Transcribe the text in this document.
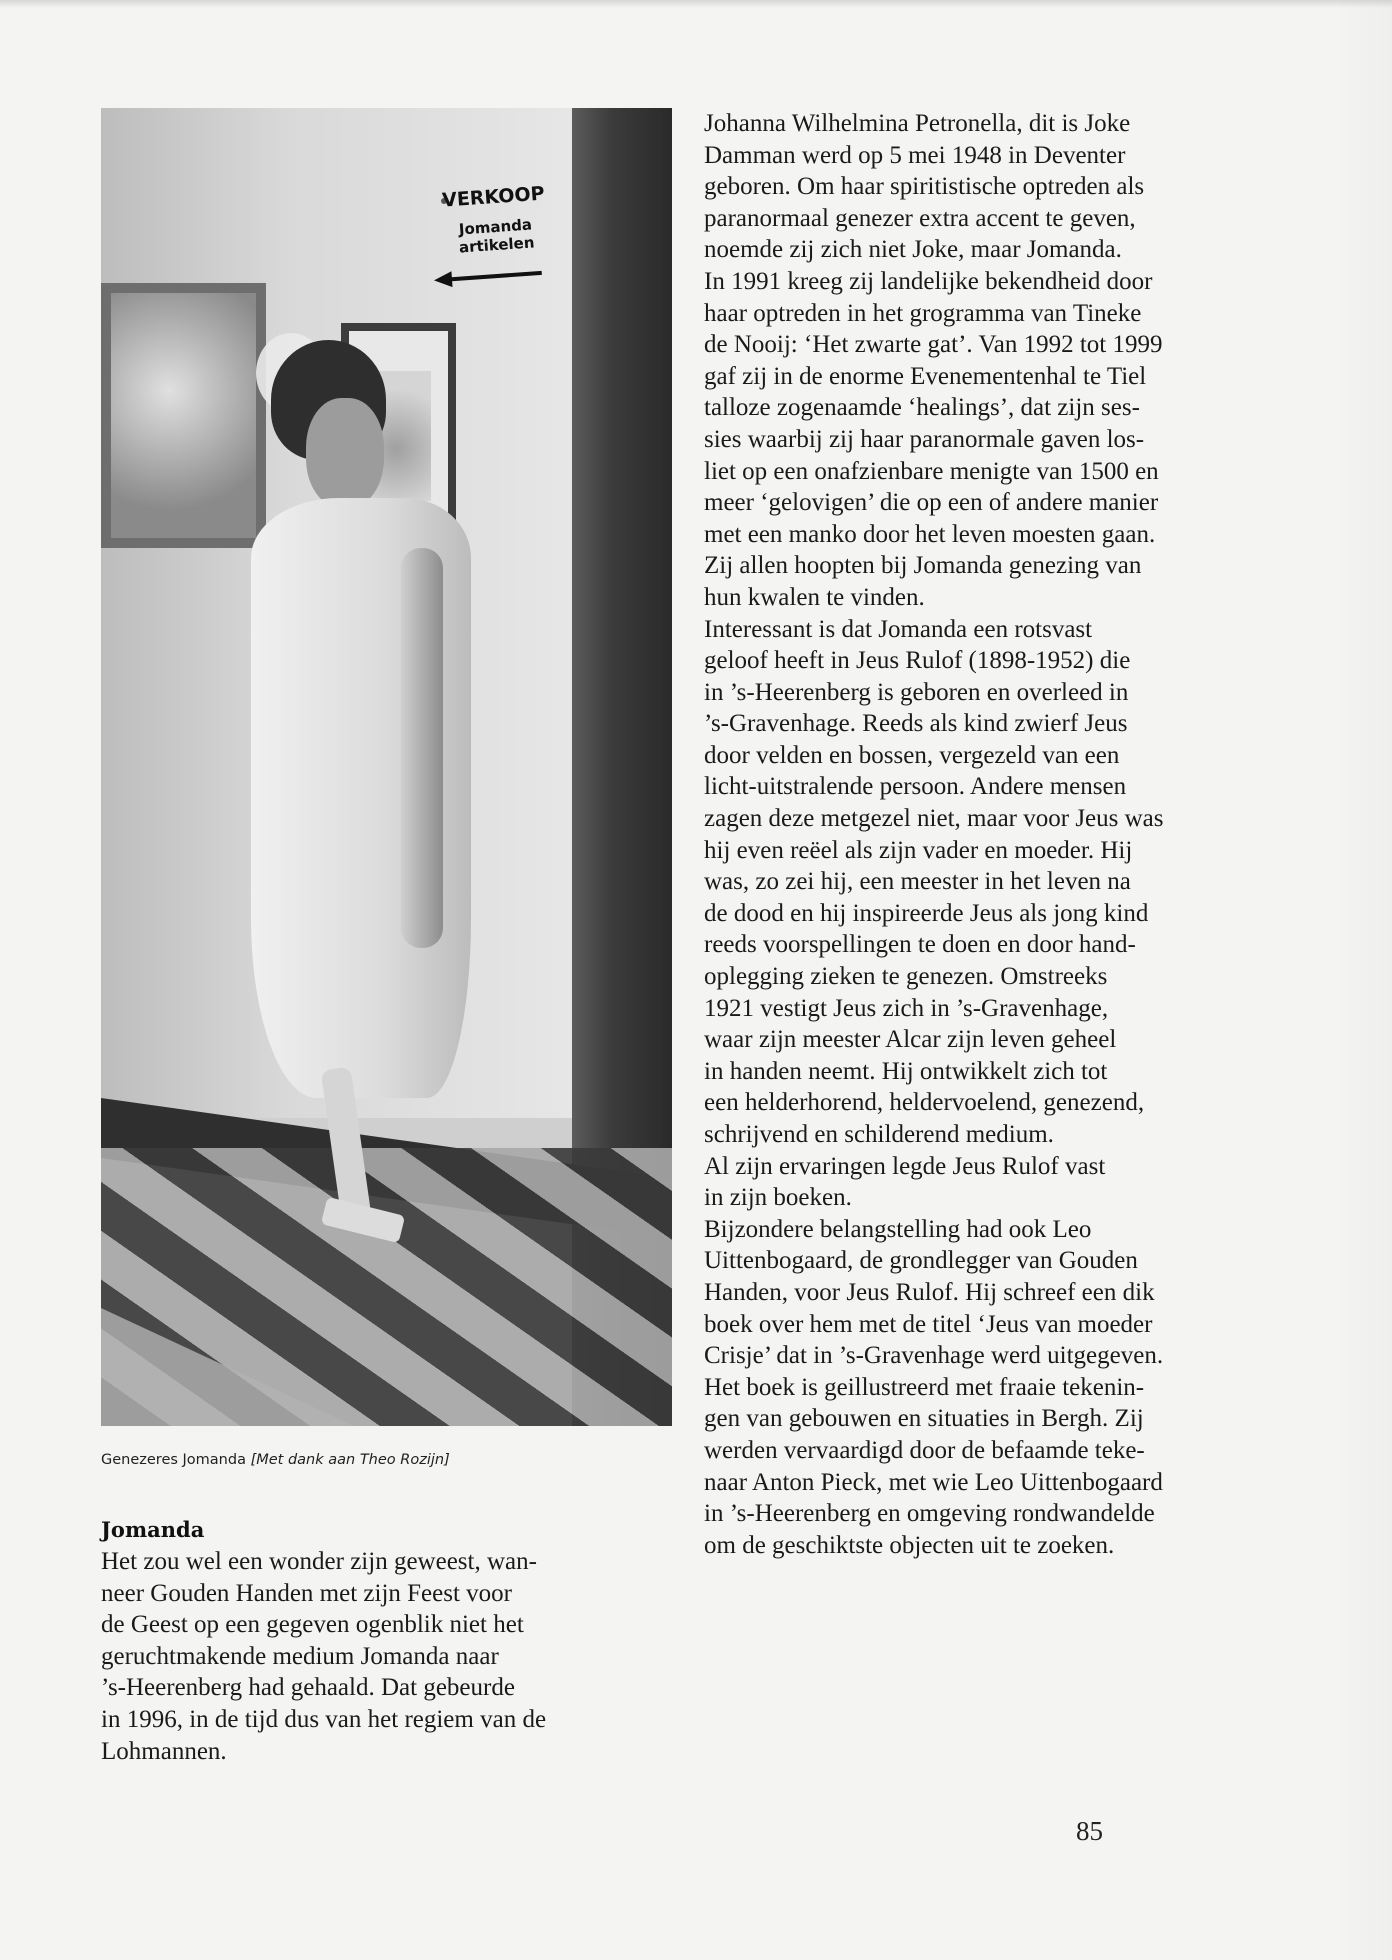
VERKOOP
Jomanda artikelen
Genezeres Jomanda [Met dank aan Theo Rozijn]
Jomanda

Het zou wel een wonder zijn geweest, wan-
neer Gouden Handen met zijn Feest voor
de Geest op een gegeven ogenblik niet het
geruchtmakende medium Jomanda naar
’s-Heerenberg had gehaald. Dat gebeurde
in 1996, in de tijd dus van het regiem van de
Lohmannen.

Johanna Wilhelmina Petronella, dit is Joke
Damman werd op 5 mei 1948 in Deventer
geboren. Om haar spiritistische optreden als
paranormaal genezer extra accent te geven,
noemde zij zich niet Joke, maar Jomanda.
In 1991 kreeg zij landelijke bekendheid door
haar optreden in het grogramma van Tineke
de Nooij: ‘Het zwarte gat’. Van 1992 tot 1999
gaf zij in de enorme Evenementenhal te Tiel
talloze zogenaamde ‘healings’, dat zijn ses-
sies waarbij zij haar paranormale gaven los-
liet op een onafzienbare menigte van 1500 en
meer ‘gelovigen’ die op een of andere manier
met een manko door het leven moesten gaan.
Zij allen hoopten bij Jomanda genezing van
hun kwalen te vinden.
Interessant is dat Jomanda een rotsvast
geloof heeft in Jeus Rulof (1898-1952) die
in ’s-Heerenberg is geboren en overleed in
’s-Gravenhage. Reeds als kind zwierf Jeus
door velden en bossen, vergezeld van een
licht-uitstralende persoon. Andere mensen
zagen deze metgezel niet, maar voor Jeus was
hij even reëel als zijn vader en moeder. Hij
was, zo zei hij, een meester in het leven na
de dood en hij inspireerde Jeus als jong kind
reeds voorspellingen te doen en door hand-
oplegging zieken te genezen. Omstreeks
1921 vestigt Jeus zich in ’s-Gravenhage,
waar zijn meester Alcar zijn leven geheel
in handen neemt. Hij ontwikkelt zich tot
een helderhorend, heldervoelend, genezend,
schrijvend en schilderend medium.
Al zijn ervaringen legde Jeus Rulof vast
in zijn boeken.
Bijzondere belangstelling had ook Leo
Uittenbogaard, de grondlegger van Gouden
Handen, voor Jeus Rulof. Hij schreef een dik
boek over hem met de titel ‘Jeus van moeder
Crisje’ dat in ’s-Gravenhage werd uitgegeven.
Het boek is geillustreerd met fraaie tekenin-
gen van gebouwen en situaties in Bergh. Zij
werden vervaardigd door de befaamde teke-
naar Anton Pieck, met wie Leo Uittenbogaard
in ’s-Heerenberg en omgeving rondwandelde
om de geschiktste objecten uit te zoeken.

85
